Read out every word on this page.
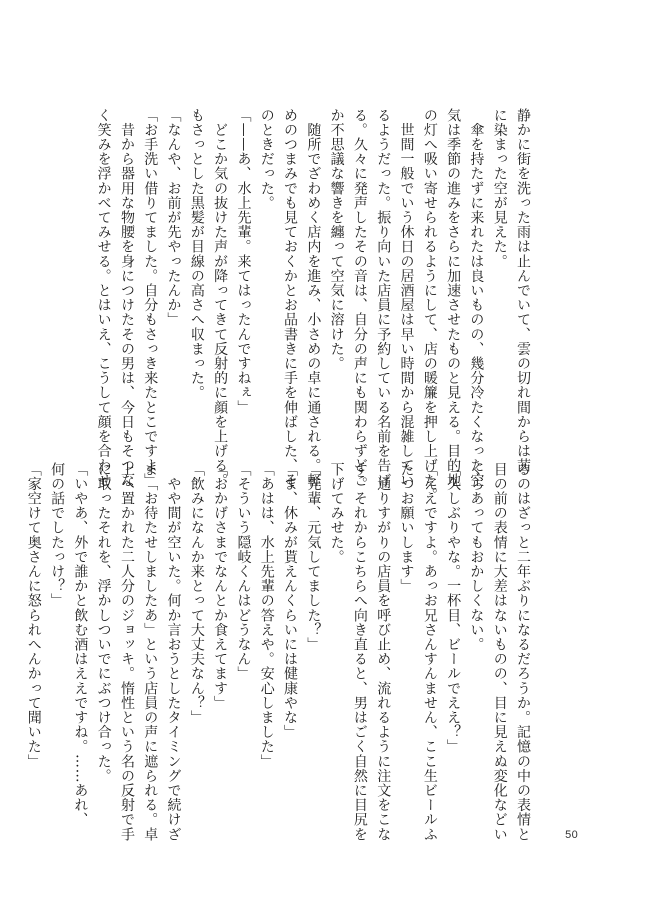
静かに街を洗った雨は止んでいて、雲の切れ間からは茜
に染まった空が見えた。
　傘を持たずに来れたは良いものの、幾分冷たくなった空
気は季節の進みをさらに加速させたものと見える。目的地
の灯へ吸い寄せられるようにして、店の暖簾を押し上げた。
　世間一般でいう休日の居酒屋は早い時間から混雑してい
るようだった。振り向いた店員に予約している名前を告げ
る。久々に発声したその音は、自分の声にも関わらずどこ
か不思議な響きを纏って空気に溶けた。
　随所でざわめく店内を進み、小さめの卓に通される。軽
めのつまみでも見ておくかとお品書きに手を伸ばした、そ
のときだった。
「——あ、水上先輩。来てはったんですねぇ」
　どこか気の抜けた声が降ってきて反射的に顔を上げる。
もさっとした黒髪が目線の高さへ収まった。
「なんや、お前が先やったんか」
「お手洗い借りてました。自分もさっき来たとこですよ」
　昔から器用な物腰を身につけたその男は、今日もそつな
く笑みを浮かべてみせる。とはいえ、こうして顔を合わせ
るのはざっと二年ぶりになるだろうか。記憶の中の表情と
目の前の表情に大差はないものの、目に見えぬ変化などい
くらあってもおかしくない。
「久しぶりやな。一杯目、ビールでええ？」
「ええですよ。あっお兄さんすんません、ここ生ビールふ
たつお願いします」
　通りすがりの店員を呼び止め、流れるように注文をこな
す。それからこちらへ向き直ると、男はごく自然に目尻を
下げてみせた。
「先輩、元気してました？」
「ま、休みが貰えんくらいには健康やな」
「あはは、水上先輩の答えや。安心しました」
「そういう隠岐くんはどうなん」
「おかげさまでなんとか食えてます」
「飲みになんか来とって大丈夫なん？」
　やや間が空いた。何か言おうとしたタイミングで続けざ
ま「お待たせしましたあ」という店員の声に遮られる。卓
上へ置かれた二人分のジョッキ。惰性という名の反射で手
に取ったそれを、浮かしついでにぶつけ合った。
「いやあ、外で誰かと飲む酒はええですね。……あれ、
何の話でしたっけ？」
「家空けて奥さんに怒られへんかって聞いた」
50
